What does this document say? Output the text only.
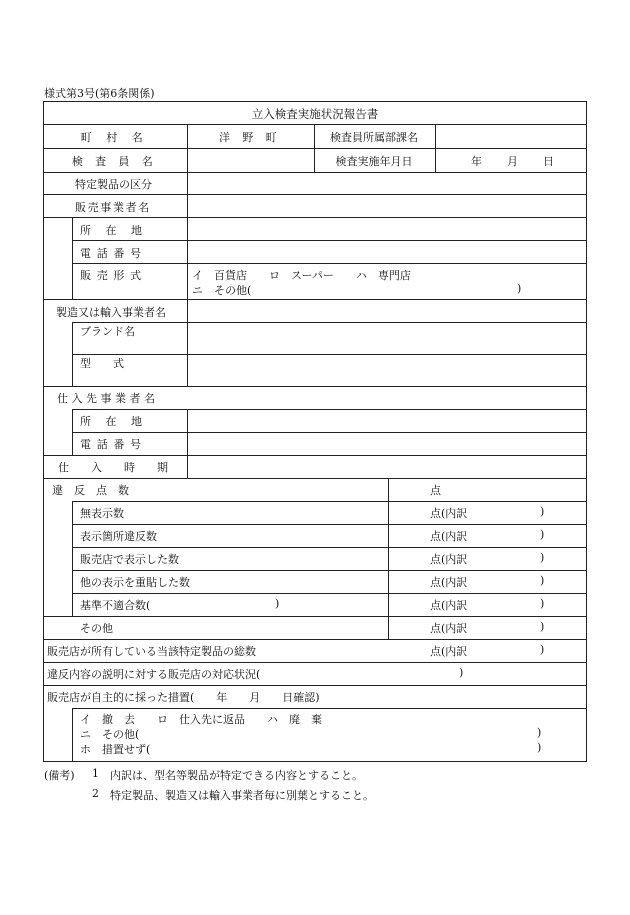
様式第3号(第6条関係)
立入検査実施状況報告書
町 村 名	洋 野 町	検査員所属部課名
検 査 員 名	検査実施年月日	年 月 日
特定製品の区分
販売事業者名
所 在 地
電 話 番 号
販 売 形 式	イ　百貨店　　ロ　スーパー　　ハ　専門店
ニ　その他(	)
製造又は輸入事業者名
ブランド名
型　　式
仕 入 先 事 業 者 名
所 在 地
電 話 番 号
仕　　入　　時　　期
違　反　点　数	点
無表示数	点(内訳	)
表示箇所違反数	点(内訳	)
販売店で表示した数	点(内訳	)
他の表示を重貼した数	点(内訳	)
基準不適合数(	)	点(内訳	)
その他	点(内訳	)
販売店が所有している当該特定製品の総数	点(内訳	)
違反内容の説明に対する販売店の対応状況(	)
販売店が自主的に採った措置(　　年　　月　　日確認)
イ　撤　去　　ロ　仕入先に返品　　ハ　廃　棄
ニ　その他(	)
ホ　措置せず(	)
(備考) 1 内訳は、型名等製品が特定できる内容とすること。
2 特定製品、製造又は輸入事業者毎に別葉とすること。
